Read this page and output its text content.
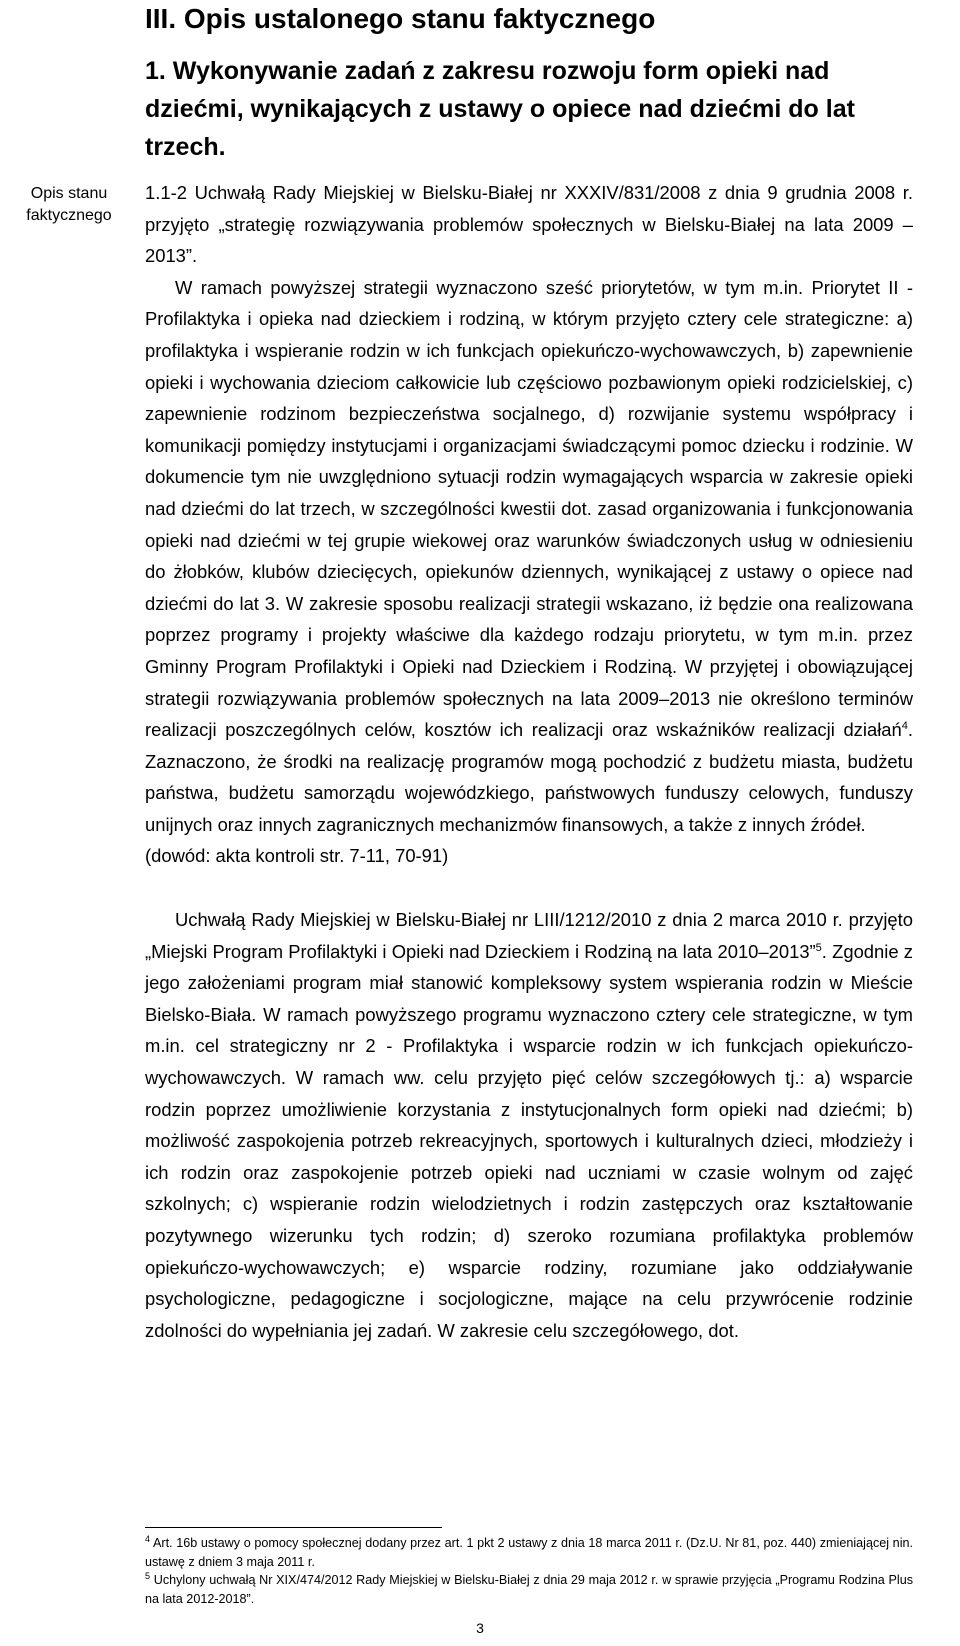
Opis stanu faktycznego
III. Opis ustalonego stanu faktycznego
1. Wykonywanie zadań z zakresu rozwoju form opieki nad dziećmi, wynikających z ustawy o opiece nad dziećmi do lat trzech.

1.1-2 Uchwałą Rady Miejskiej w Bielsku-Białej nr XXXIV/831/2008 z dnia 9 grudnia 2008 r. przyjęto „strategię rozwiązywania problemów społecznych w Bielsku-Białej na lata 2009 – 2013”.

W ramach powyższej strategii wyznaczono sześć priorytetów, w tym m.in. Priorytet II - Profilaktyka i opieka nad dzieckiem i rodziną, w którym przyjęto cztery cele strategiczne: a) profilaktyka i wspieranie rodzin w ich funkcjach opiekuńczo-wychowawczych, b) zapewnienie opieki i wychowania dzieciom całkowicie lub częściowo pozbawionym opieki rodzicielskiej, c) zapewnienie rodzinom bezpieczeństwa socjalnego, d) rozwijanie systemu współpracy i komunikacji pomiędzy instytucjami i organizacjami świadczącymi pomoc dziecku i rodzinie. W dokumencie tym nie uwzględniono sytuacji rodzin wymagających wsparcia w zakresie opieki nad dziećmi do lat trzech, w szczególności kwestii dot. zasad organizowania i funkcjonowania opieki nad dziećmi w tej grupie wiekowej oraz warunków świadczonych usług w odniesieniu do żłobków, klubów dziecięcych, opiekunów dziennych, wynikającej z ustawy o opiece nad dziećmi do lat 3. W zakresie sposobu realizacji strategii wskazano, iż będzie ona realizowana poprzez programy i projekty właściwe dla każdego rodzaju priorytetu, w tym m.in. przez Gminny Program Profilaktyki i Opieki nad Dzieckiem i Rodziną. W przyjętej i obowiązującej strategii rozwiązywania problemów społecznych na lata 2009–2013 nie określono terminów realizacji poszczególnych celów, kosztów ich realizacji oraz wskaźników realizacji działań$^4$. Zaznaczono, że środki na realizację programów mogą pochodzić z budżetu miasta, budżetu państwa, budżetu samorządu wojewódzkiego, państwowych funduszy celowych, funduszy unijnych oraz innych zagranicznych mechanizmów finansowych, a także z innych źródeł.

(dowód: akta kontroli str. 7-11, 70-91)

Uchwałą Rady Miejskiej w Bielsku-Białej nr LIII/1212/2010 z dnia 2 marca 2010 r. przyjęto „Miejski Program Profilaktyki i Opieki nad Dzieckiem i Rodziną na lata 2010–2013”$^5$. Zgodnie z jego założeniami program miał stanowić kompleksowy system wspierania rodzin w Mieście Bielsko-Biała. W ramach powyższego programu wyznaczono cztery cele strategiczne, w tym m.in. cel strategiczny nr 2 - Profilaktyka i wsparcie rodzin w ich funkcjach opiekuńczo-wychowawczych. W ramach ww. celu przyjęto pięć celów szczegółowych tj.: a) wsparcie rodzin poprzez umożliwienie korzystania z instytucjonalnych form opieki nad dziećmi; b) możliwość zaspokojenia potrzeb rekreacyjnych, sportowych i kulturalnych dzieci, młodzieży i ich rodzin oraz zaspokojenie potrzeb opieki nad uczniami w czasie wolnym od zajęć szkolnych; c) wspieranie rodzin wielodzietnych i rodzin zastępczych oraz kształtowanie pozytywnego wizerunku tych rodzin; d) szeroko rozumiana profilaktyka problemów opiekuńczo-wychowawczych; e) wsparcie rodziny, rozumiane jako oddziaływanie psychologiczne, pedagogiczne i socjologiczne, mające na celu przywrócenie rodzinie zdolności do wypełniania jej zadań. W zakresie celu szczegółowego, dot.

$^4$ Art. 16b ustawy o pomocy społecznej dodany przez art. 1 pkt 2 ustawy z dnia 18 marca 2011 r. (Dz.U. Nr 81, poz. 440) zmieniającej nin. ustawę z dniem 3 maja 2011 r.

$^5$ Uchylony uchwałą Nr XIX/474/2012 Rady Miejskiej w Bielsku-Białej z dnia 29 maja 2012 r. w sprawie przyjęcia „Programu Rodzina Plus na lata 2012-2018”.

3
